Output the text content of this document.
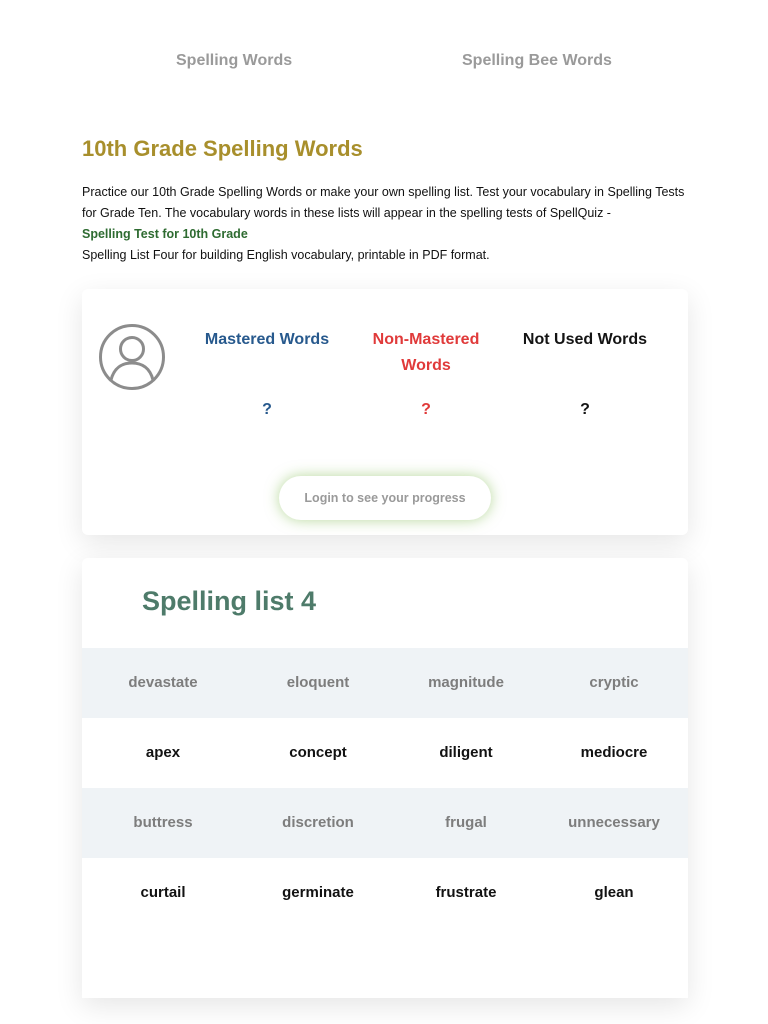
Spelling Words	Spelling Bee Words
10th Grade Spelling Words

Practice our 10th Grade Spelling Words or make your own spelling list. Test your vocabulary in Spelling Tests for Grade Ten. The vocabulary words in these lists will appear in the spelling tests of SpellQuiz -

Spelling Test for 10th Grade

Spelling List Four for building English vocabulary, printable in PDF format.

Mastered Words
?
Non-Mastered Words
?
Not Used Words
?
Login to see your progress
Spelling list 4
devastate	eloquent	magnitude	cryptic
apex	concept	diligent	mediocre
buttress	discretion	frugal	unnecessary
curtail	germinate	frustrate	glean
